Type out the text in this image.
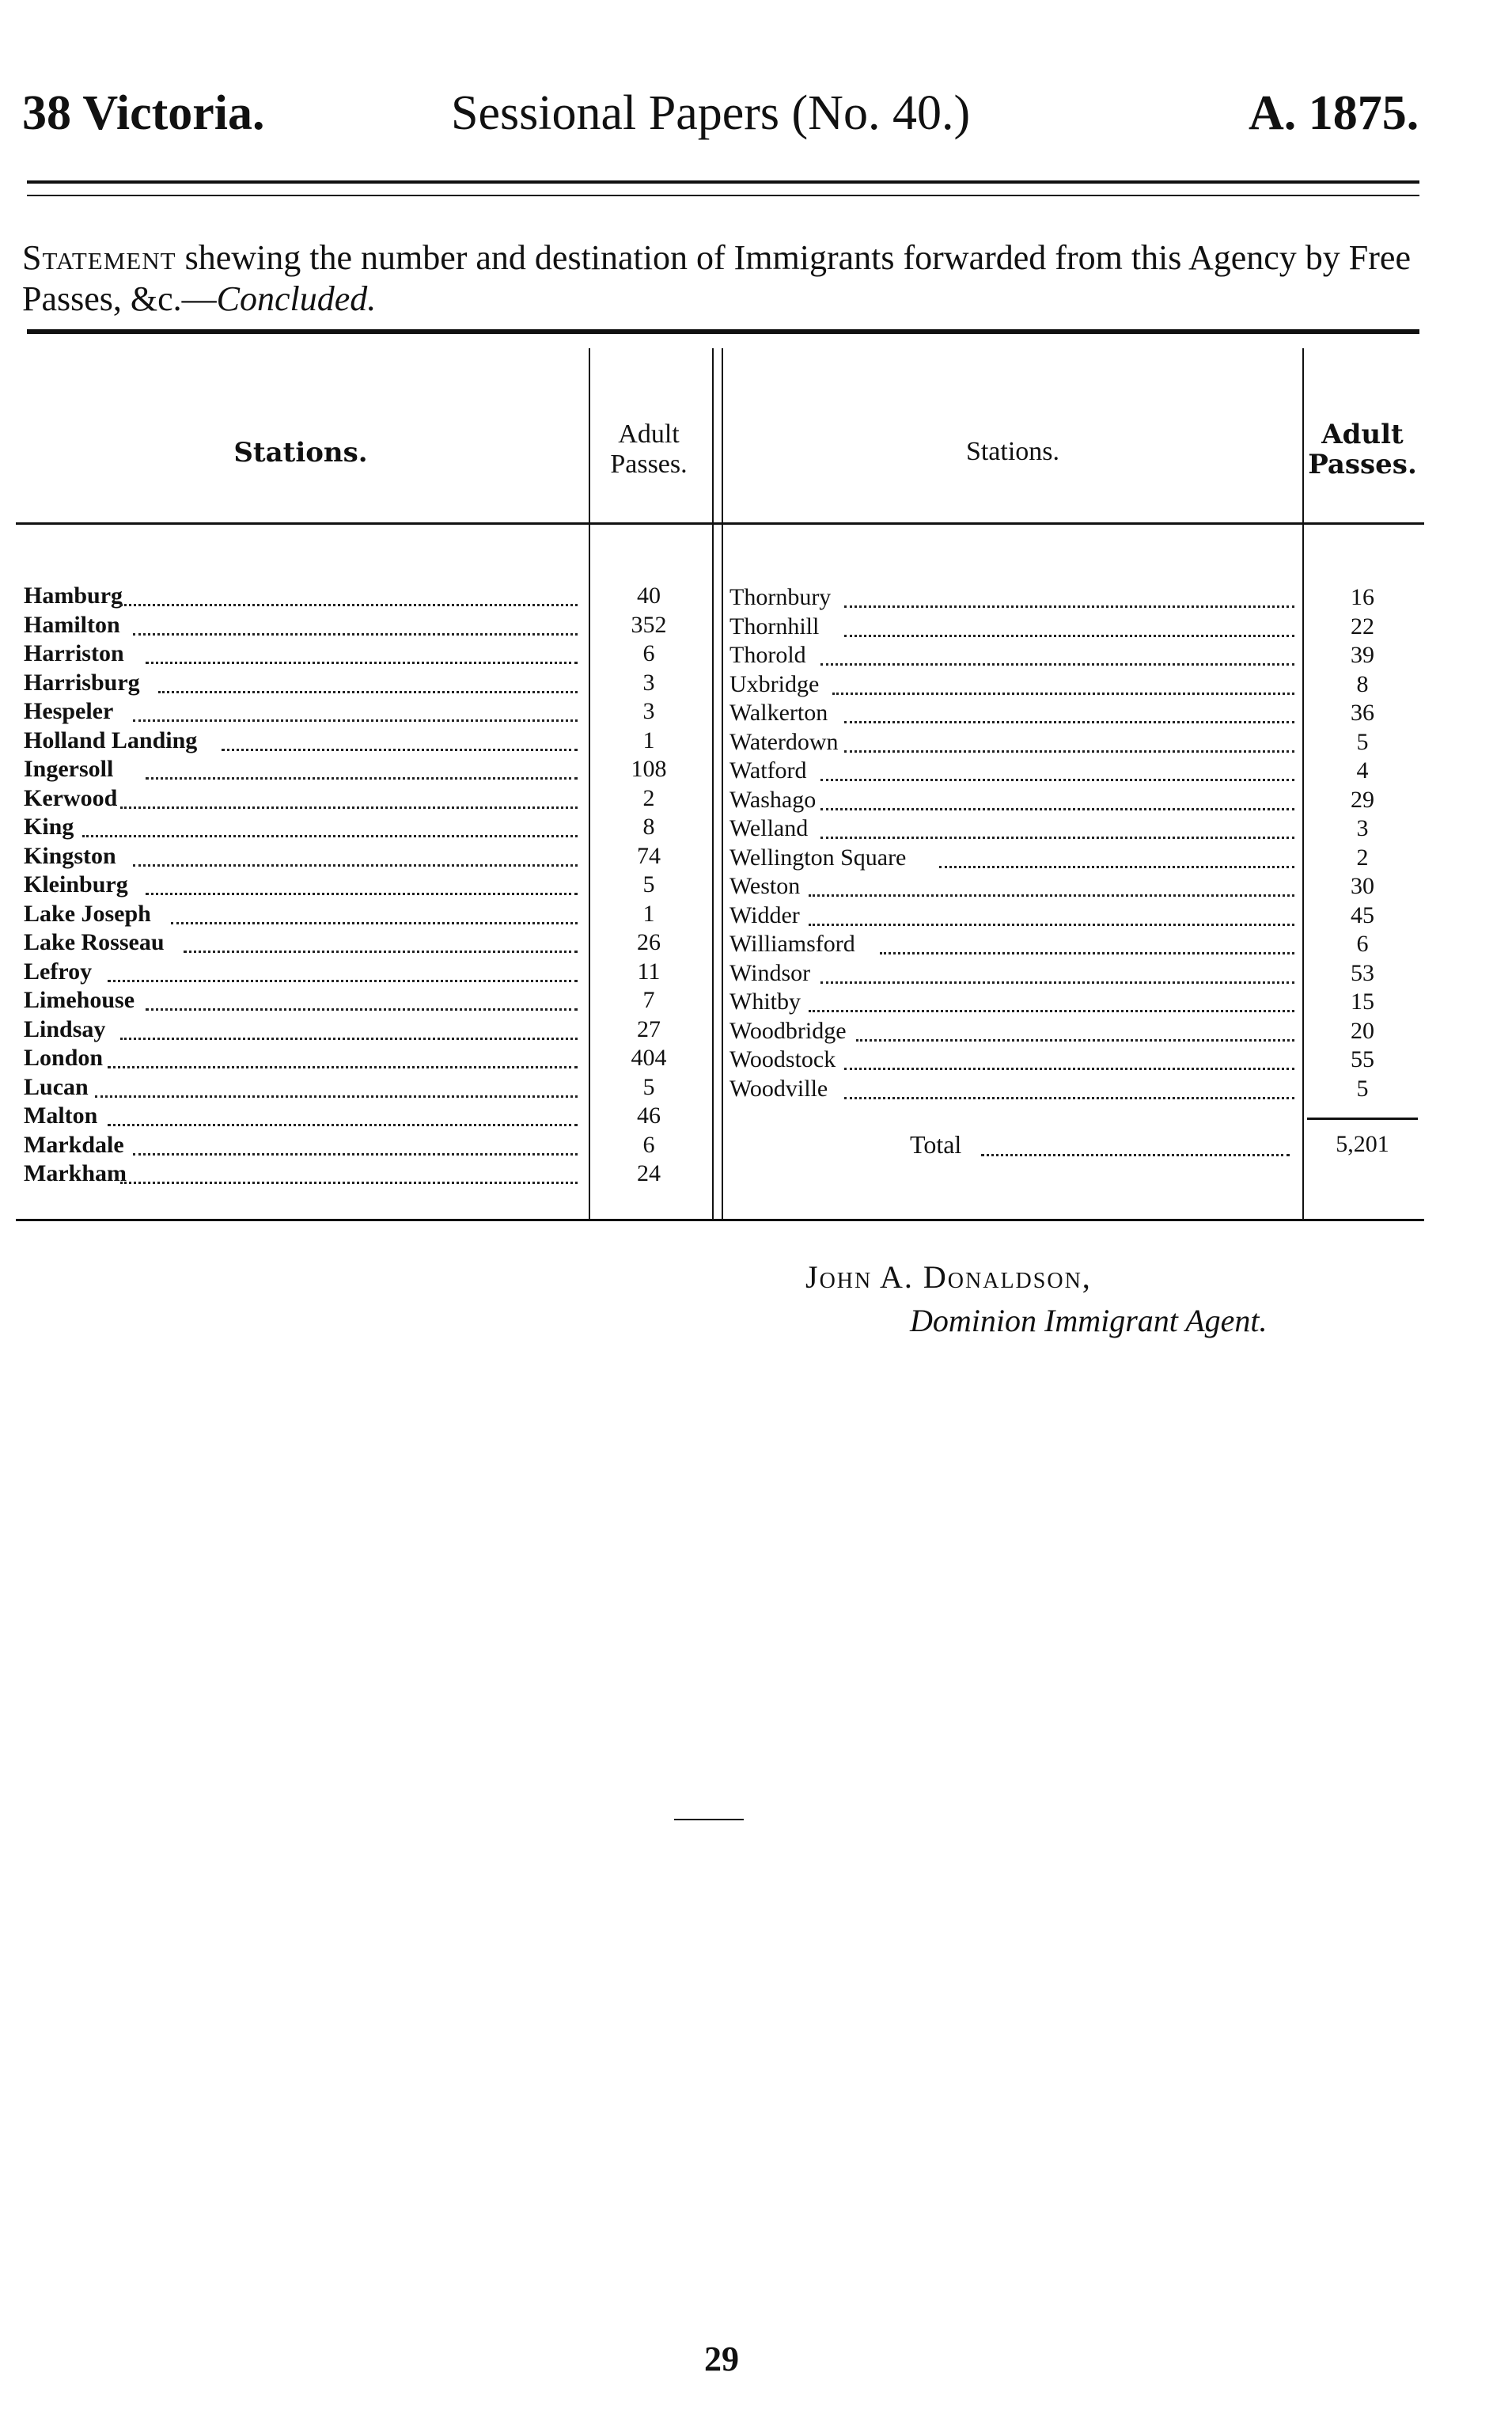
38 Victoria.	Sessional Papers (No. 40.)	A. 1875.
Statement shewing the number and destination of Immigrants forwarded from this Agency by Free Passes, &c.—Concluded.
Stations.
Adult Passes.	Stations.
Adult Passes.
Hamburg	40
Hamilton	352
Harriston	6
Harrisburg	3
Hespeler	3
Holland Landing	1
Ingersoll	108
Kerwood	2
King	8
Kingston	74
Kleinburg	5
Lake Joseph	1
Lake Rosseau	26
Lefroy	11
Limehouse	7
Lindsay	27
London	404
Lucan	5
Malton	46
Markdale	6
Markham	24
Thornbury	16
Thornhill	22
Thorold	39
Uxbridge	8
Walkerton	36
Waterdown	5
Watford	4
Washago	29
Welland	3
Wellington Square	2
Weston	30
Widder	45
Williamsford	6
Windsor	53
Whitby	15
Woodbridge	20
Woodstock	55
Woodville	5
Total	5,201
John A. Donaldson,
Dominion Immigrant Agent.
29
